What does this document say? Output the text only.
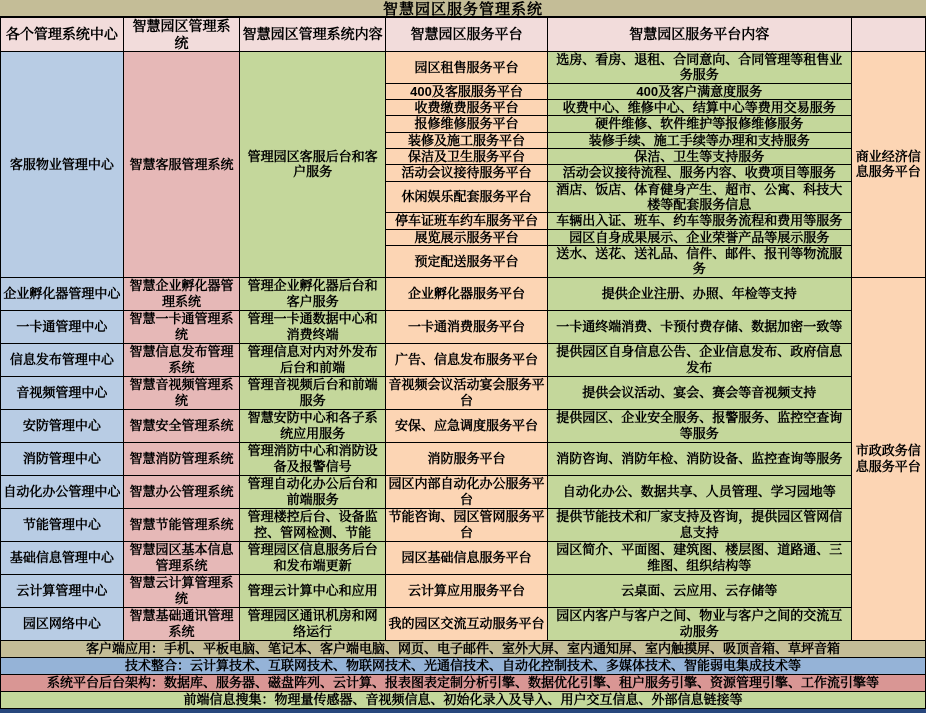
智慧园区服务管理系统
各个管理系统中心	智慧园区管理系统	智慧园区管理系统内容	智慧园区服务平台	智慧园区服务平台内容	
客服物业管理中心	智慧客服管理系统	管理园区客服后台和客户服务	园区租售服务平台	选房、看房、退租、合同意向、合同管理等租售业务服务	商业经济信息服务平台
			400及客服服务平台	400及客户满意度服务	
			收费缴费服务平台	收费中心、维修中心、结算中心等费用交易服务	
			报修维修服务平台	硬件维修、软件维护等报修维修服务	
			装修及施工服务平台	装修手续、施工手续等办理和支持服务	
			保洁及卫生服务平台	保洁、卫生等支持服务	
			活动会议接待服务平台	活动会议接待流程、服务内容、收费项目等服务	
			休闲娱乐配套服务平台	酒店、饭店、体育健身产生、超市、公寓、科技大楼等配套服务信息	
			停车证班车约车服务平台	车辆出入证、班车、约车等服务流程和费用等服务	
			展览展示服务平台	园区自身成果展示、企业荣誉产品等展示服务	
			预定配送服务平台	送水、送花、送礼品、信件、邮件、报刊等物流服务	
企业孵化器管理中心	智慧企业孵化器管理系统	管理企业孵化器后台和客户服务	企业孵化器服务平台	提供企业注册、办照、年检等支持	市政政务信息服务平台
一卡通管理中心	智慧一卡通管理系统	管理一卡通数据中心和消费终端	一卡通消费服务平台	一卡通终端消费、卡预付费存储、数据加密一致等	
信息发布管理中心	智慧信息发布管理系统	管理信息对内对外发布后台和前端	广告、信息发布服务平台	提供园区自身信息公告、企业信息发布、政府信息发布	
音视频管理中心	智慧音视频管理系统	管理音视频后台和前端服务	音视频会议活动宴会服务平台	提供会议活动、宴会、赛会等音视频支持	
安防管理中心	智慧安全管理系统	智慧安防中心和各子系统应用服务	安保、应急调度服务平台	提供园区、企业安全服务、报警服务、监控空查询等服务	
消防管理中心	智慧消防管理系统	管理消防中心和消防设备及报警信号	消防服务平台	消防咨询、消防年检、消防设备、监控查询等服务	
自动化办公管理中心	智慧办公管理系统	管理自动化办公后台和前端服务	园区内部自动化办公服务平台	自动化办公、数据共享、人员管理、学习园地等	
节能管理中心	智慧节能管理系统	管理楼控后台、设备监控、管网检测、节能	节能咨询、园区管网服务平台	提供节能技术和厂家支持及咨询，提供园区管网信息支持	
基础信息管理中心	智慧园区基本信息管理系统	管理园区信息服务后台和发布端更新	园区基础信息服务平台	园区简介、平面图、建筑图、楼层图、道路通、三维图、组织结构等	
云计算管理中心	智慧云计算管理系统	管理云计算中心和应用	云计算应用服务平台	云桌面、云应用、云存储等	
园区网络中心	智慧基础通讯管理系统	管理园区通讯机房和网络运行	我的园区交流互动服务平台	园区内客户与客户之间、物业与客户之间的交流互动服务	
客户端应用：手机、平板电脑、笔记本、客户端电脑、网页、电子邮件、室外大屏、室内通知屏、室内触摸屏、吸顶音箱、草坪音箱					
技术整合：云计算技术、互联网技术、物联网技术、光通信技术、自动化控制技术、多媒体技术、智能弱电集成技术等					
系统平台后台架构：数据库、服务器、磁盘阵列、云计算、报表图表定制分析引擎、数据优化引擎、租户服务引擎、资源管理引擎、工作流引擎等					
前端信息搜集：物理量传感器、音视频信息、初始化录入及导入、用户交互信息、外部信息链接等					
